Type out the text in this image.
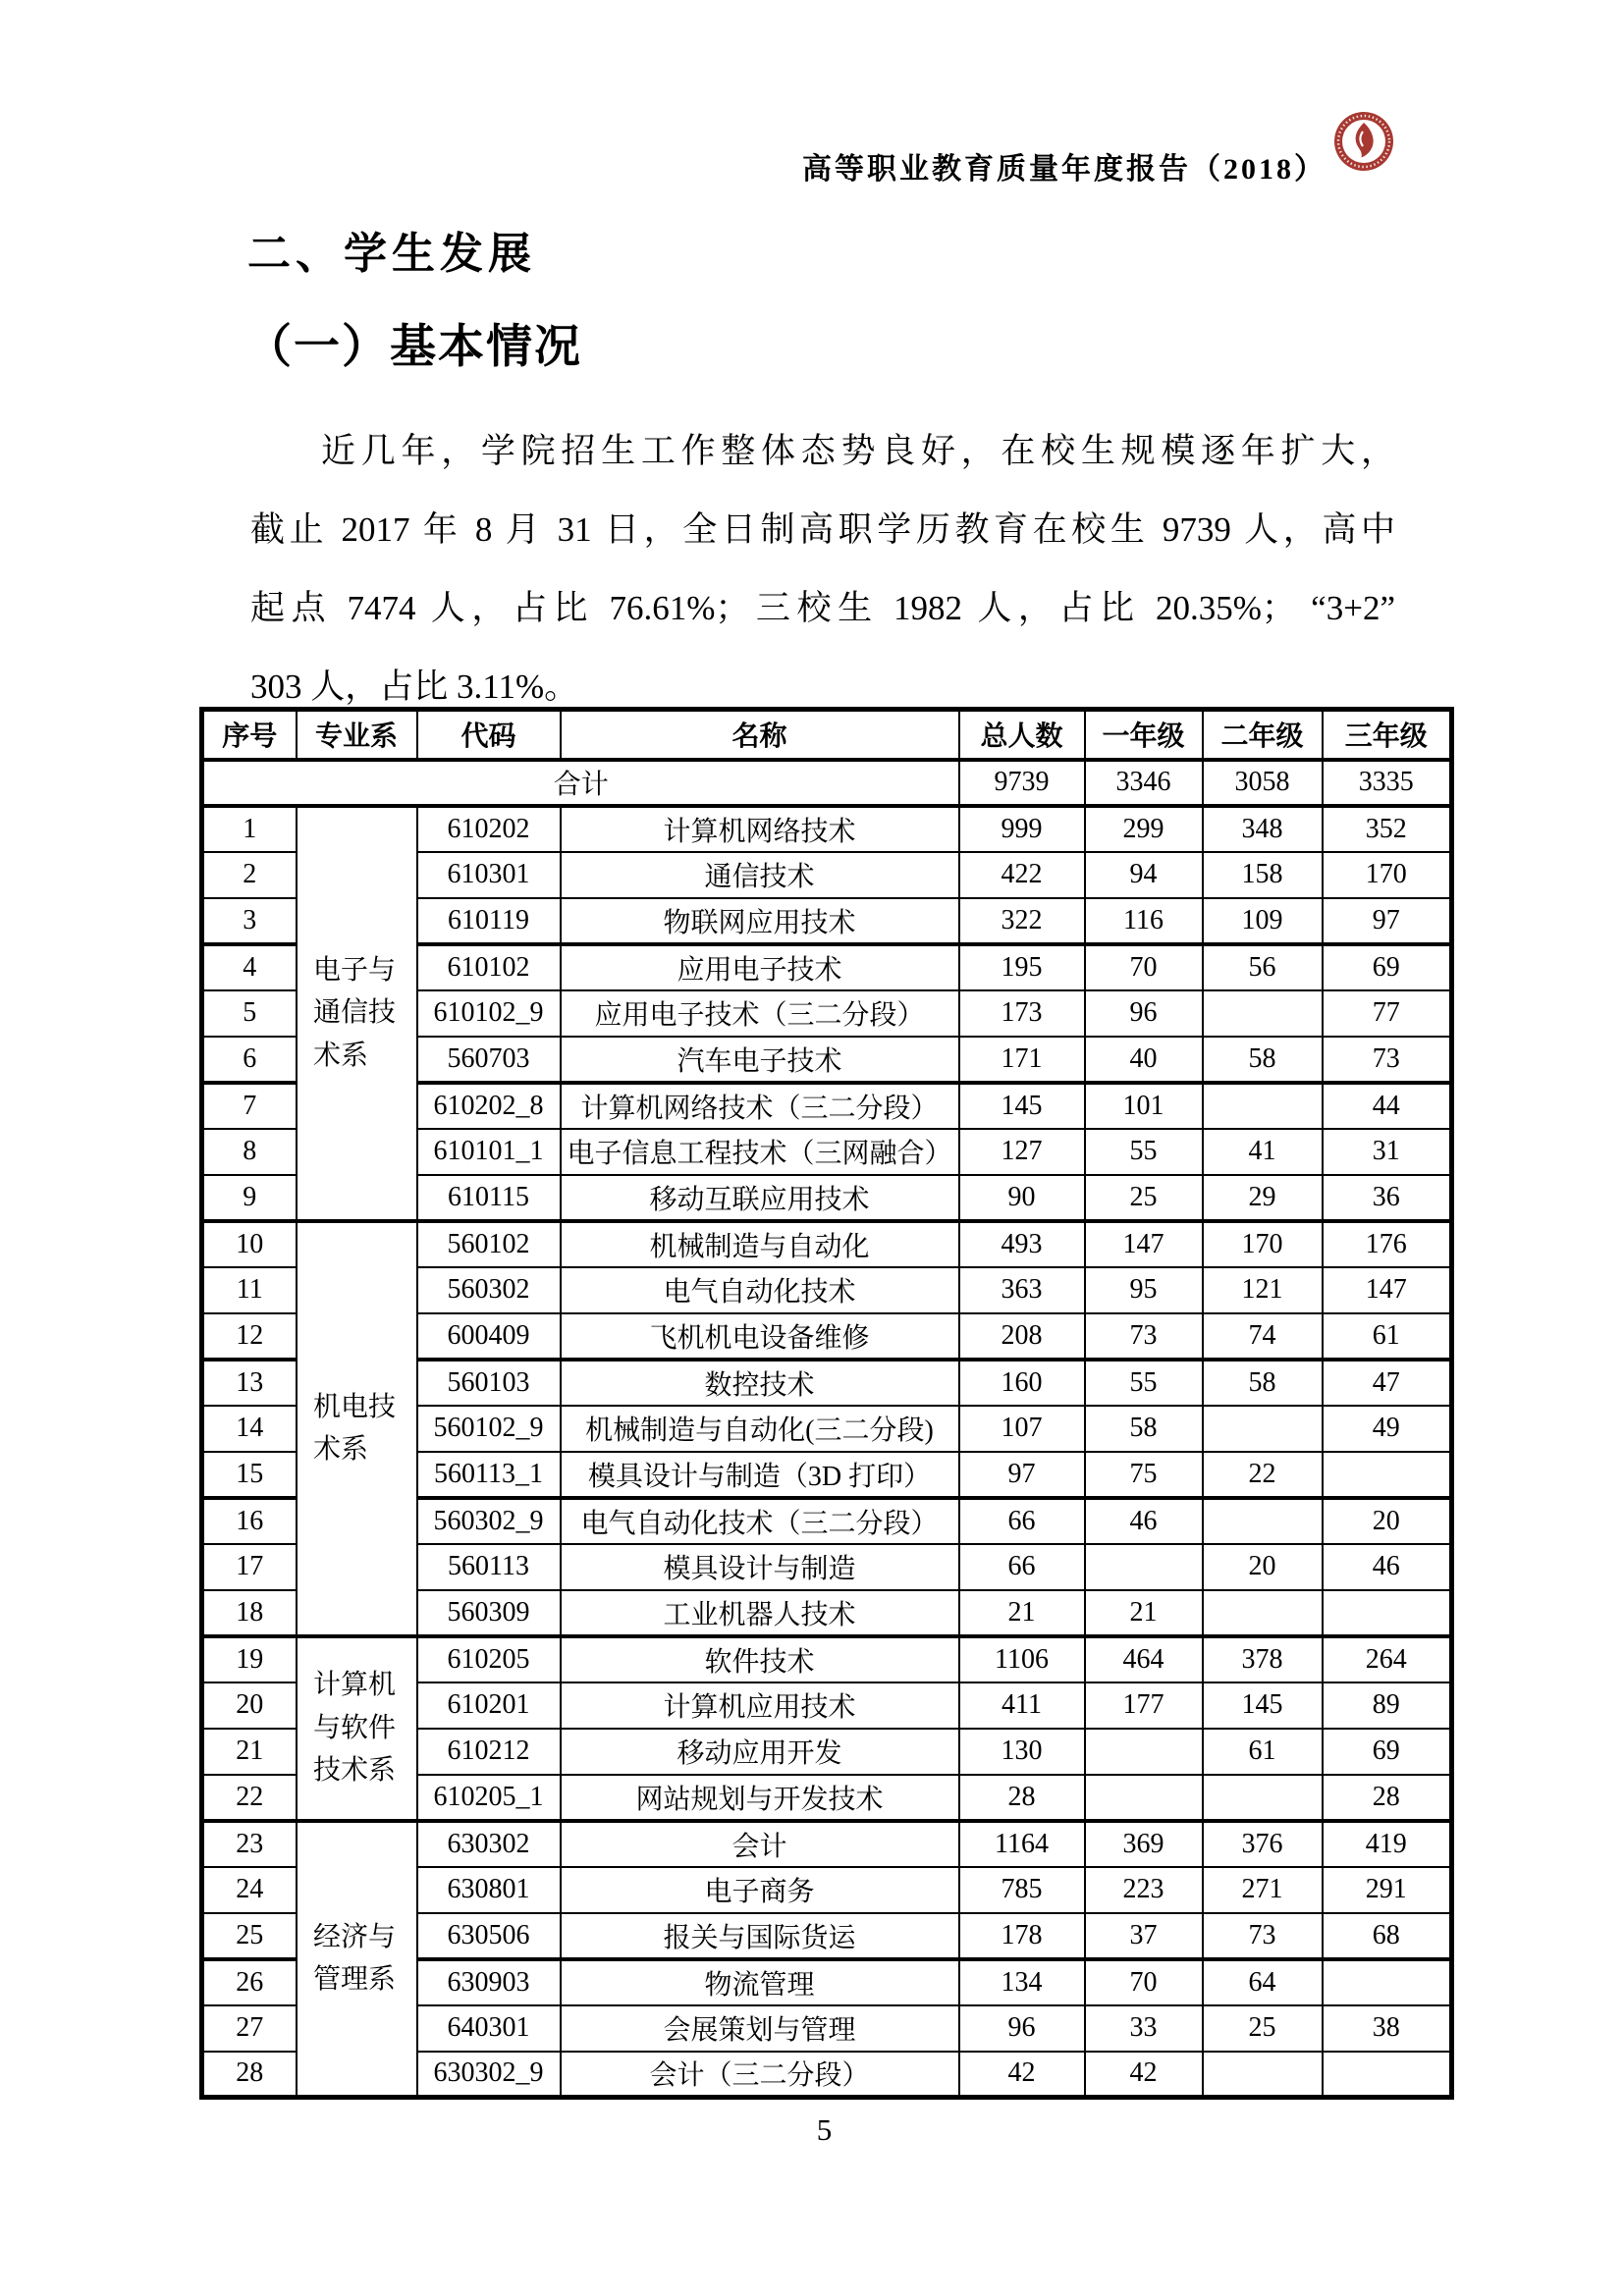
高等职业教育质量年度报告（2018）
二、学生发展
（一）基本情况
近几年，学院招生工作整体态势良好，在校生规模逐年扩大，
截止 2017 年 8 月 31 日，全日制高职学历教育在校生 9739 人，高中
起点 7474 人，占比 76.61%；三校生 1982 人，占比 20.35%； “3+2”
303 人，占比 3.11%。
序号	专业系	代码	名称	总人数	一年级	二年级	三年级
合计				9739	3346	3058	3335
1	电子与通信技术系	610202	计算机网络技术	999	299	348	352
2		610301	通信技术	422	94	158	170
3		610119	物联网应用技术	322	116	109	97
4		610102	应用电子技术	195	70	56	69
5		610102_9	应用电子技术（三二分段）	173	96		77
6		560703	汽车电子技术	171	40	58	73
7		610202_8	计算机网络技术（三二分段）	145	101		44
8		610101_1	电子信息工程技术（三网融合）	127	55	41	31
9		610115	移动互联应用技术	90	25	29	36
10	机电技术系	560102	机械制造与自动化	493	147	170	176
11		560302	电气自动化技术	363	95	121	147
12		600409	飞机机电设备维修	208	73	74	61
13		560103	数控技术	160	55	58	47
14		560102_9	机械制造与自动化(三二分段)	107	58		49
15		560113_1	模具设计与制造（3D 打印）	97	75	22	
16		560302_9	电气自动化技术（三二分段）	66	46		20
17		560113	模具设计与制造	66		20	46
18		560309	工业机器人技术	21	21		
19	计算机与软件技术系	610205	软件技术	1106	464	378	264
20		610201	计算机应用技术	411	177	145	89
21		610212	移动应用开发	130		61	69
22		610205_1	网站规划与开发技术	28			28
23	经济与管理系	630302	会计	1164	369	376	419
24		630801	电子商务	785	223	271	291
25		630506	报关与国际货运	178	37	73	68
26		630903	物流管理	134	70	64	
27		640301	会展策划与管理	96	33	25	38
28		630302_9	会计（三二分段）	42	42		
5
